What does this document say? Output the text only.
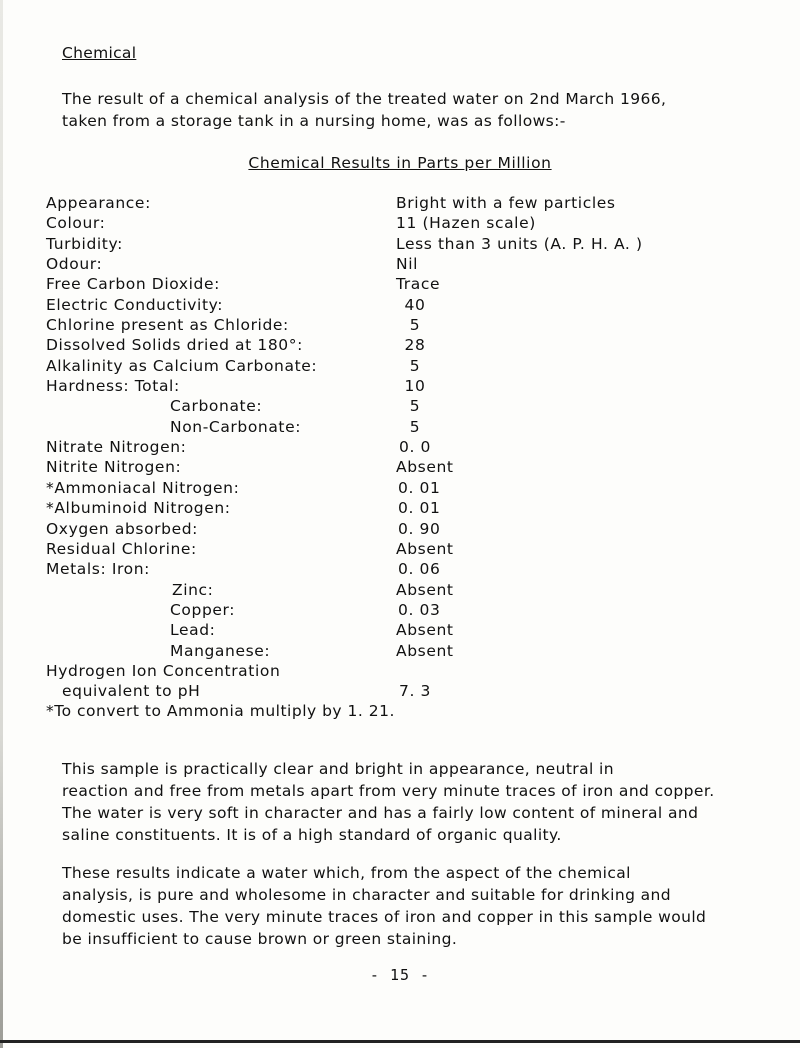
Chemical
The result of a chemical analysis of the treated water on 2nd March 1966,
taken from a storage tank in a nursing home, was as follows:-
Chemical Results in Parts per Million
Appearance:	Bright with a few particles
Colour:	11 (Hazen scale)
Turbidity:	Less than 3 units (A. P. H. A. )
Odour:	Nil
Free Carbon Dioxide:	Trace
Electric Conductivity:	40
Chlorine present as Chloride:	5
Dissolved Solids dried at 180°:	28
Alkalinity as Calcium Carbonate:	5
Hardness: Total:	10
Carbonate:	5
Non-Carbonate:	5
Nitrate Nitrogen:	0. 0
Nitrite Nitrogen:	Absent
*Ammoniacal Nitrogen:	0. 01
*Albuminoid Nitrogen:	0. 01
Oxygen absorbed:	0. 90
Residual Chlorine:	Absent
Metals: Iron:	0. 06
Zinc:	Absent
Copper:	0. 03
Lead:	Absent
Manganese:	Absent
Hydrogen Ion Concentration
equivalent to pH	7. 3
*To convert to Ammonia multiply by 1. 21.
This sample is practically clear and bright in appearance, neutral in
reaction and free from metals apart from very minute traces of iron and copper.
The water is very soft in character and has a fairly low content of mineral and
saline constituents. It is of a high standard of organic quality.
These results indicate a water which, from the aspect of the chemical
analysis, is pure and wholesome in character and suitable for drinking and
domestic uses. The very minute traces of iron and copper in this sample would
be insufficient to cause brown or green staining.
- 15 -
